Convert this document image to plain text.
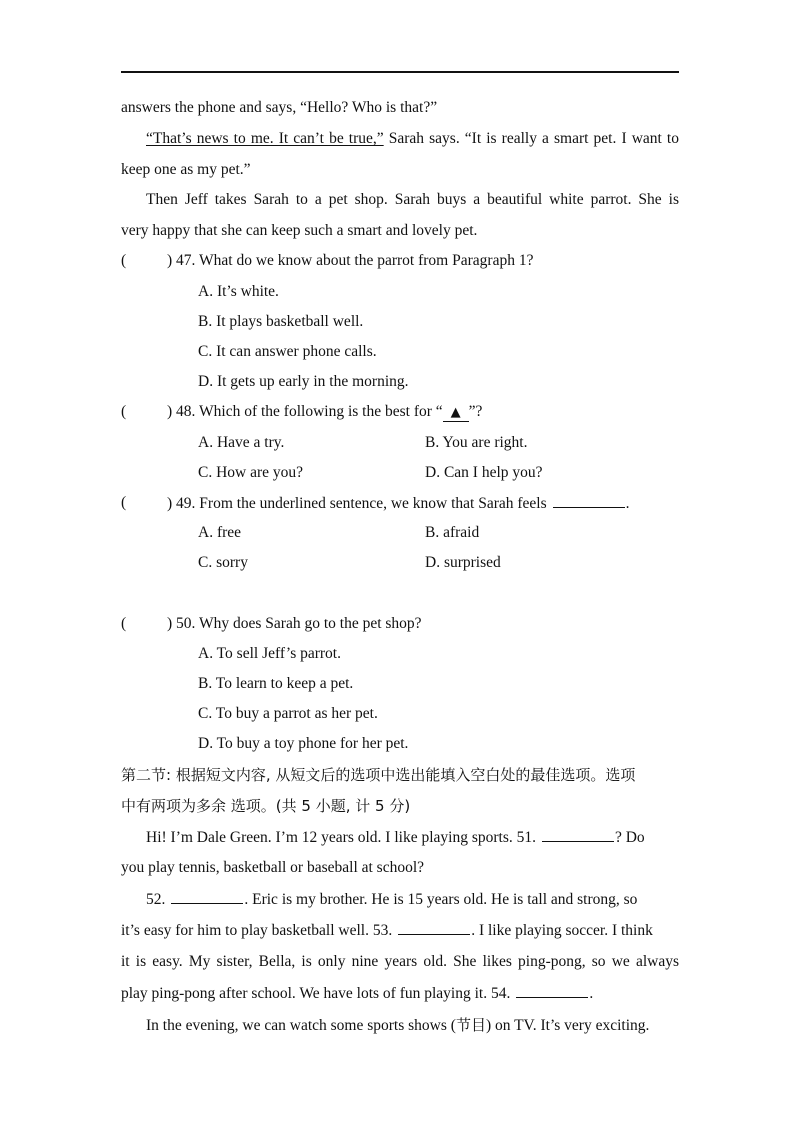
answers the phone and says, “Hello? Who is that?”
“That’s news to me. It can’t be true,” Sarah says. “It is really a smart pet. I want to
keep one as my pet.”
Then Jeff takes Sarah to a pet shop. Sarah buys a beautiful white parrot. She is
very happy that she can keep such a smart and lovely pet.
(	) 47. What do we know about the parrot from Paragraph 1?
A. It’s white.
B. It plays basketball well.
C. It can answer phone calls.
D. It gets up early in the morning.
(	) 48. Which of the following is the best for “ ▲ ”?
A. Have a try.	B. You are right.
C. How are you?	D. Can I help you?
(	) 49. From the underlined sentence, we know that Sarah feels	.
A. free	B. afraid
C. sorry	D. surprised
(	) 50. Why does Sarah go to the pet shop?
A. To sell Jeff’s parrot.
B. To learn to keep a pet.
C. To buy a parrot as her pet.
D. To buy a toy phone for her pet.
第二节: 根据短文内容, 从短文后的选项中选出能填入空白处的最佳选项。选项
中有两项为多余 选项。(共 5 小题, 计 5 分)
Hi! I’m Dale Green. I’m 12 years old. I like playing sports. 51.	? Do
you play tennis, basketball or baseball at school?
52.	. Eric is my brother. He is 15 years old. He is tall and strong, so
it’s easy for him to play basketball well. 53.	. I like playing soccer. I think
it is easy. My sister, Bella, is only nine years old. She likes ping-pong, so we always
play ping-pong after school. We have lots of fun playing it. 54.	.
In the evening, we can watch some sports shows (节目) on TV. It’s very exciting.
